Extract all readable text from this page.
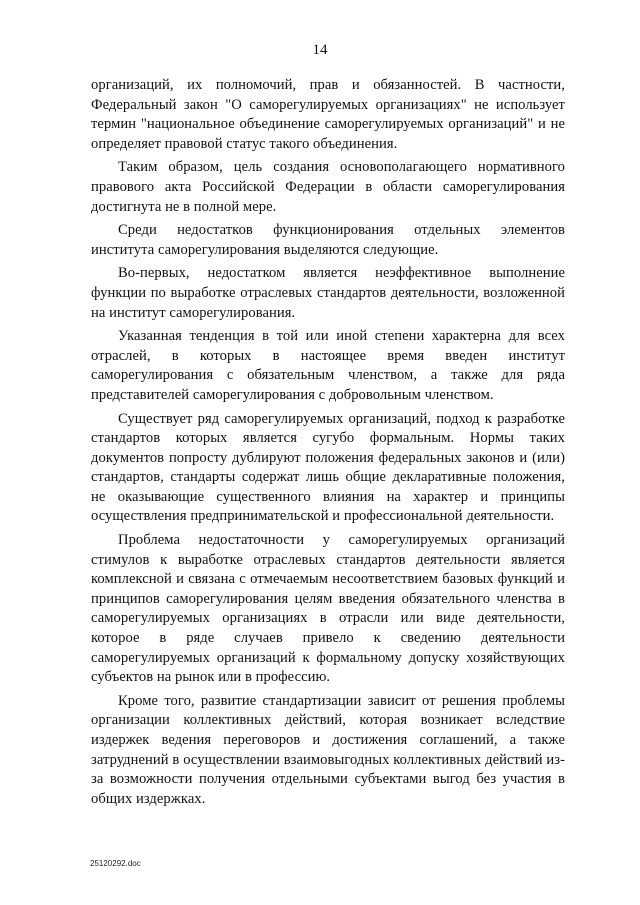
14

организаций, их полномочий, прав и обязанностей. В частности, Федеральный закон "О саморегулируемых организациях" не использует термин "национальное объединение саморегулируемых организаций" и не определяет правовой статус такого объединения.

Таким образом, цель создания основополагающего нормативного правового акта Российской Федерации в области саморегулирования достигнута не в полной мере.

Среди недостатков функционирования отдельных элементов института саморегулирования выделяются следующие.

Во-первых, недостатком является неэффективное выполнение функции по выработке отраслевых стандартов деятельности, возложенной на институт саморегулирования.

Указанная тенденция в той или иной степени характерна для всех отраслей, в которых в настоящее время введен институт саморегулирования с обязательным членством, а также для ряда представителей саморегулирования с добровольным членством.

Существует ряд саморегулируемых организаций, подход к разработке стандартов которых является сугубо формальным. Нормы таких документов попросту дублируют положения федеральных законов и (или) стандартов, стандарты содержат лишь общие декларативные положения, не оказывающие существенного влияния на характер и принципы осуществления предпринимательской и профессиональной деятельности.

Проблема недостаточности у саморегулируемых организаций стимулов к выработке отраслевых стандартов деятельности является комплексной и связана с отмечаемым несоответствием базовых функций и принципов саморегулирования целям введения обязательного членства в саморегулируемых организациях в отрасли или виде деятельности, которое в ряде случаев привело к сведению деятельности саморегулируемых организаций к формальному допуску хозяйствующих субъектов на рынок или в профессию.

Кроме того, развитие стандартизации зависит от решения проблемы организации коллективных действий, которая возникает вследствие издержек ведения переговоров и достижения соглашений, а также затруднений в осуществлении взаимовыгодных коллективных действий из-за возможности получения отдельными субъектами выгод без участия в общих издержках.

25120292.doc
